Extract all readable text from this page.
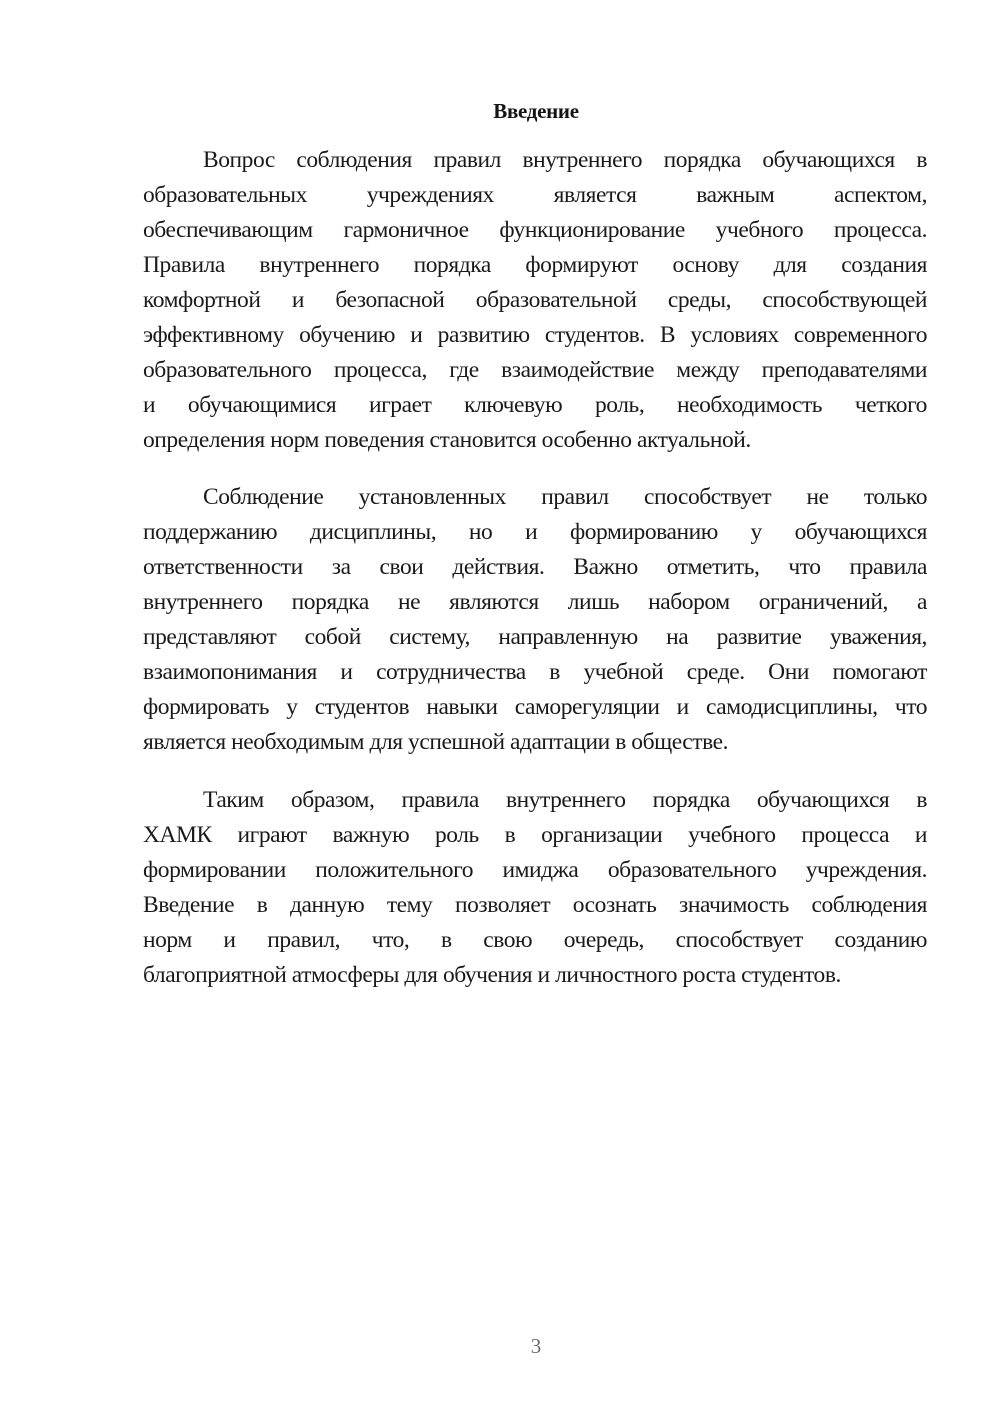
Введение
Вопрос соблюдения правил внутреннего порядка обучающихся в
образовательных учреждениях является важным аспектом,
обеспечивающим гармоничное функционирование учебного процесса.
Правила внутреннего порядка формируют основу для создания
комфортной и безопасной образовательной среды, способствующей
эффективному обучению и развитию студентов. В условиях современного
образовательного процесса, где взаимодействие между преподавателями
и обучающимися играет ключевую роль, необходимость четкого
определения норм поведения становится особенно актуальной.
Соблюдение установленных правил способствует не только
поддержанию дисциплины, но и формированию у обучающихся
ответственности за свои действия. Важно отметить, что правила
внутреннего порядка не являются лишь набором ограничений, а
представляют собой систему, направленную на развитие уважения,
взаимопонимания и сотрудничества в учебной среде. Они помогают
формировать у студентов навыки саморегуляции и самодисциплины, что
является необходимым для успешной адаптации в обществе.
Таким образом, правила внутреннего порядка обучающихся в
ХАМК играют важную роль в организации учебного процесса и
формировании положительного имиджа образовательного учреждения.
Введение в данную тему позволяет осознать значимость соблюдения
норм и правил, что, в свою очередь, способствует созданию
благоприятной атмосферы для обучения и личностного роста студентов.
3
